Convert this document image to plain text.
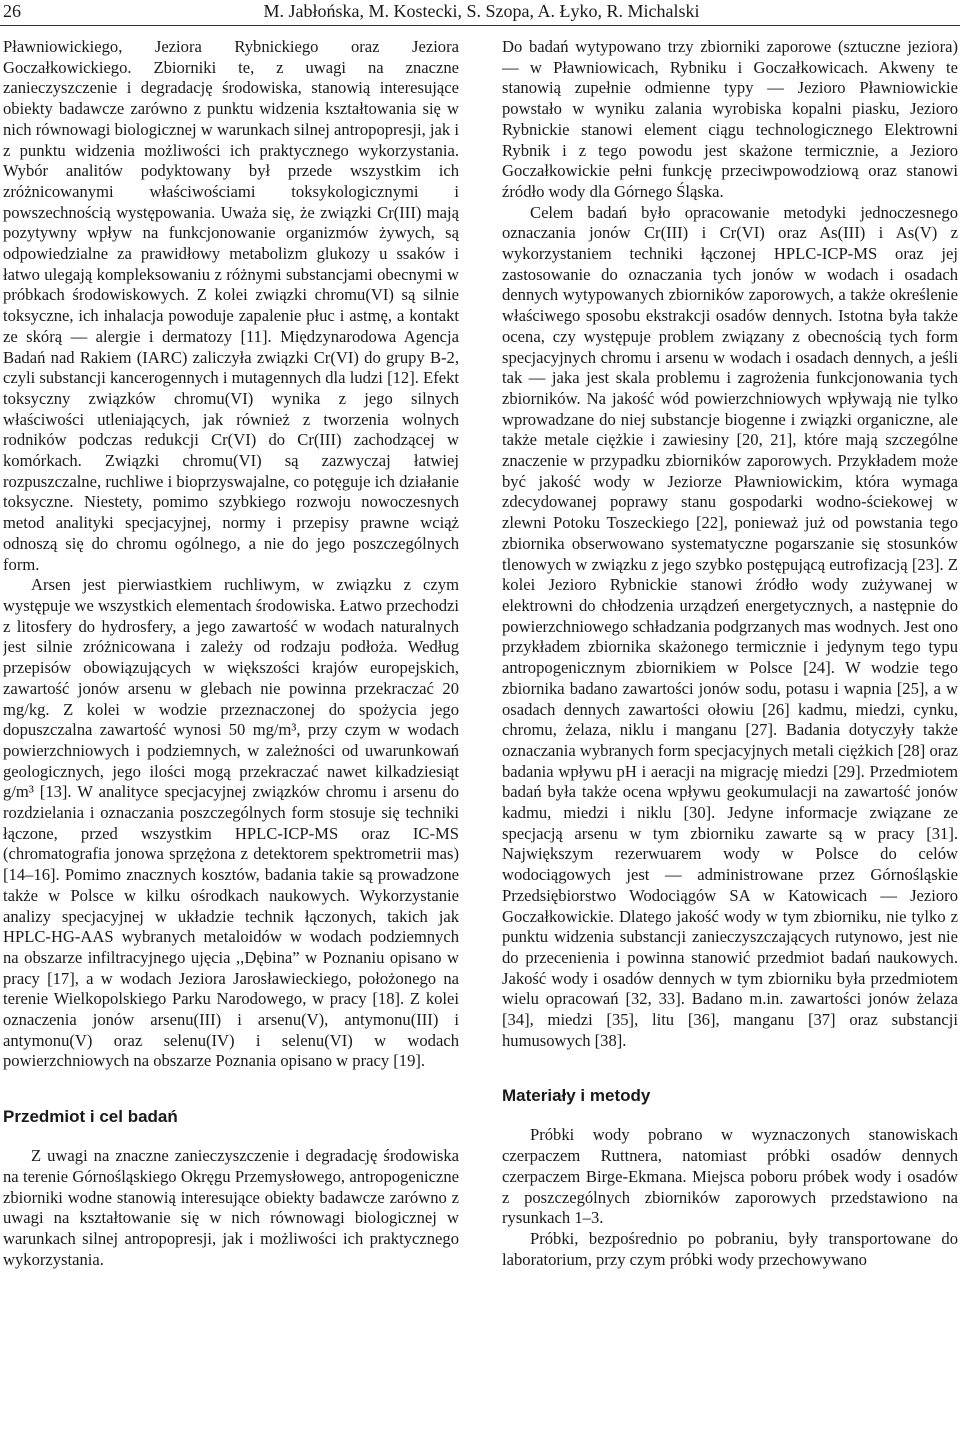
26	M. Jabłońska, M. Kostecki, S. Szopa, A. Łyko, R. Michalski

Pławniowickiego, Jeziora Rybnickiego oraz Jeziora Goczałkowickiego. Zbiorniki te, z uwagi na znaczne zanieczyszczenie i degradację środowiska, stanowią interesujące obiekty badawcze zarówno z punktu widzenia kształtowania się w nich równowagi biologicznej w warunkach silnej antropopresji, jak i z punktu widzenia możliwości ich praktycznego wykorzystania. Wybór analitów podyktowany był przede wszystkim ich zróżnicowanymi właściwościami toksykologicznymi i powszechnością występowania. Uważa się, że związki Cr(III) mają pozytywny wpływ na funkcjonowanie organizmów żywych, są odpowiedzialne za prawidłowy metabolizm glukozy u ssaków i łatwo ulegają kompleksowaniu z różnymi substancjami obecnymi w próbkach środowiskowych. Z kolei związki chromu(VI) są silnie toksyczne, ich inhalacja powoduje zapalenie płuc i astmę, a kontakt ze skórą — alergie i dermatozy [11]. Międzynarodowa Agencja Badań nad Rakiem (IARC) zaliczyła związki Cr(VI) do grupy B-2, czyli substancji kancerogennych i mutagennych dla ludzi [12]. Efekt toksyczny związków chromu(VI) wynika z jego silnych właściwości utleniających, jak również z tworzenia wolnych rodników podczas redukcji Cr(VI) do Cr(III) zachodzącej w komórkach. Związki chromu(VI) są zazwyczaj łatwiej rozpuszczalne, ruchliwe i bioprzyswajalne, co potęguje ich działanie toksyczne. Niestety, pomimo szybkiego rozwoju nowoczesnych metod analityki specjacyjnej, normy i przepisy prawne wciąż odnoszą się do chromu ogólnego, a nie do jego poszczególnych form.

Arsen jest pierwiastkiem ruchliwym, w związku z czym występuje we wszystkich elementach środowiska. Łatwo przechodzi z litosfery do hydrosfery, a jego zawartość w wodach naturalnych jest silnie zróżnicowana i zależy od rodzaju podłoża. Według przepisów obowiązujących w większości krajów europejskich, zawartość jonów arsenu w glebach nie powinna przekraczać 20 mg/kg. Z kolei w wodzie przeznaczonej do spożycia jego dopuszczalna zawartość wynosi 50 mg/m³, przy czym w wodach powierzchniowych i podziemnych, w zależności od uwarunkowań geologicznych, jego ilości mogą przekraczać nawet kilkadziesiąt g/m³ [13]. W analityce specjacyjnej związków chromu i arsenu do rozdzielania i oznaczania poszczególnych form stosuje się techniki łączone, przed wszystkim HPLC-ICP-MS oraz IC-MS (chromatografia jonowa sprzężona z detektorem spektrometrii mas) [14–16]. Pomimo znacznych kosztów, badania takie są prowadzone także w Polsce w kilku ośrodkach naukowych. Wykorzystanie analizy specjacyjnej w układzie technik łączonych, takich jak HPLC-HG-AAS wybranych metaloidów w wodach podziemnych na obszarze infiltracyjnego ujęcia ,,Dębina” w Poznaniu opisano w pracy [17], a w wodach Jeziora Jarosławieckiego, położonego na terenie Wielkopolskiego Parku Narodowego, w pracy [18]. Z kolei oznaczenia jonów arsenu(III) i arsenu(V), antymonu(III) i antymonu(V) oraz selenu(IV) i selenu(VI) w wodach powierzchniowych na obszarze Poznania opisano w pracy [19].

Przedmiot i cel badań

Z uwagi na znaczne zanieczyszczenie i degradację środowiska na terenie Górnośląskiego Okręgu Przemysłowego, antropogeniczne zbiorniki wodne stanowią interesujące obiekty badawcze zarówno z uwagi na kształtowanie się w nich równowagi biologicznej w warunkach silnej antropopresji, jak i możliwości ich praktycznego wykorzystania.

Do badań wytypowano trzy zbiorniki zaporowe (sztuczne jeziora) — w Pławniowicach, Rybniku i Goczałkowicach. Akweny te stanowią zupełnie odmienne typy — Jezioro Pławniowickie powstało w wyniku zalania wyrobiska kopalni piasku, Jezioro Rybnickie stanowi element ciągu technologicznego Elektrowni Rybnik i z tego powodu jest skażone termicznie, a Jezioro Goczałkowickie pełni funkcję przeciwpowodziową oraz stanowi źródło wody dla Górnego Śląska.

Celem badań było opracowanie metodyki jednoczesnego oznaczania jonów Cr(III) i Cr(VI) oraz As(III) i As(V) z wykorzystaniem techniki łączonej HPLC-ICP-MS oraz jej zastosowanie do oznaczania tych jonów w wodach i osadach dennych wytypowanych zbiorników zaporowych, a także określenie właściwego sposobu ekstrakcji osadów dennych. Istotna była także ocena, czy występuje problem związany z obecnością tych form specjacyjnych chromu i arsenu w wodach i osadach dennych, a jeśli tak — jaka jest skala problemu i zagrożenia funkcjonowania tych zbiorników. Na jakość wód powierzchniowych wpływają nie tylko wprowadzane do niej substancje biogenne i związki organiczne, ale także metale ciężkie i zawiesiny [20, 21], które mają szczególne znaczenie w przypadku zbiorników zaporowych. Przykładem może być jakość wody w Jeziorze Pławniowickim, która wymaga zdecydowanej poprawy stanu gospodarki wodno-ściekowej w zlewni Potoku Toszeckiego [22], ponieważ już od powstania tego zbiornika obserwowano systematyczne pogarszanie się stosunków tlenowych w związku z jego szybko postępującą eutrofizacją [23]. Z kolei Jezioro Rybnickie stanowi źródło wody zużywanej w elektrowni do chłodzenia urządzeń energetycznych, a następnie do powierzchniowego schładzania podgrzanych mas wodnych. Jest ono przykładem zbiornika skażonego termicznie i jedynym tego typu antropogenicznym zbiornikiem w Polsce [24]. W wodzie tego zbiornika badano zawartości jonów sodu, potasu i wapnia [25], a w osadach dennych zawartości ołowiu [26] kadmu, miedzi, cynku, chromu, żelaza, niklu i manganu [27]. Badania dotyczyły także oznaczania wybranych form specjacyjnych metali ciężkich [28] oraz badania wpływu pH i aeracji na migrację miedzi [29]. Przedmiotem badań była także ocena wpływu geokumulacji na zawartość jonów kadmu, miedzi i niklu [30]. Jedyne informacje związane ze specjacją arsenu w tym zbiorniku zawarte są w pracy [31]. Największym rezerwuarem wody w Polsce do celów wodociągowych jest — administrowane przez Górnośląskie Przedsiębiorstwo Wodociągów SA w Katowicach — Jezioro Goczałkowickie. Dlatego jakość wody w tym zbiorniku, nie tylko z punktu widzenia substancji zanieczyszczających rutynowo, jest nie do przecenienia i powinna stanowić przedmiot badań naukowych. Jakość wody i osadów dennych w tym zbiorniku była przedmiotem wielu opracowań [32, 33]. Badano m.in. zawartości jonów żelaza [34], miedzi [35], litu [36], manganu [37] oraz substancji humusowych [38].

Materiały i metody

Próbki wody pobrano w wyznaczonych stanowiskach czerpaczem Ruttnera, natomiast próbki osadów dennych czerpaczem Birge-Ekmana. Miejsca poboru próbek wody i osadów z poszczególnych zbiorników zaporowych przedstawiono na rysunkach 1–3.

Próbki, bezpośrednio po pobraniu, były transportowane do laboratorium, przy czym próbki wody przechowywano
